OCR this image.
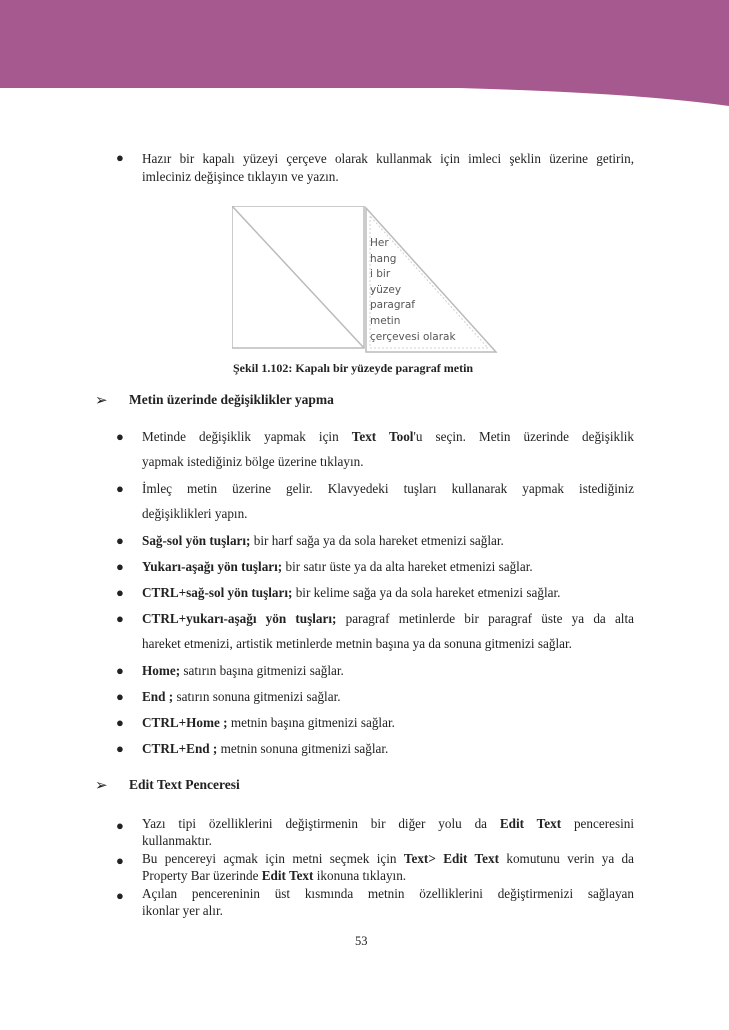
● Hazır bir kapalı yüzeyi çerçeve olarak kullanmak için imleci şeklin üzerine getirin,
imleciniz değişince tıklayın ve yazın.
Her
hang
i bir
yüzey
paragraf
metin
çerçevesi olarak
Şekil 1.102: Kapalı bir yüzeyde paragraf metin
➢ Metin üzerinde değişiklikler yapma
● Metinde değişiklik yapmak için Text Tool'u seçin. Metin üzerinde değişiklik
yapmak istediğiniz bölge üzerine tıklayın.
● İmleç metin üzerine gelir. Klavyedeki tuşları kullanarak yapmak istediğiniz
değişiklikleri yapın.
● Sağ-sol yön tuşları; bir harf sağa ya da sola hareket etmenizi sağlar.
● Yukarı-aşağı yön tuşları; bir satır üste ya da alta hareket etmenizi sağlar.
● CTRL+sağ-sol yön tuşları; bir kelime sağa ya da sola hareket etmenizi sağlar.
● CTRL+yukarı-aşağı yön tuşları; paragraf metinlerde bir paragraf üste ya da alta
hareket etmenizi, artistik metinlerde metnin başına ya da sonuna gitmenizi sağlar.
● Home; satırın başına gitmenizi sağlar.
● End ; satırın sonuna gitmenizi sağlar.
● CTRL+Home ; metnin başına gitmenizi sağlar.
● CTRL+End ; metnin sonuna gitmenizi sağlar.
➢ Edit Text Penceresi
● Yazı tipi özelliklerini değiştirmenin bir diğer yolu da Edit Text penceresini
kullanmaktır.
● Bu pencereyi açmak için metni seçmek için Text> Edit Text komutunu verin ya da
Property Bar üzerinde Edit Text ikonuna tıklayın.
● Açılan pencereninin üst kısmında metnin özelliklerini değiştirmenizi sağlayan
ikonlar yer alır.
53
